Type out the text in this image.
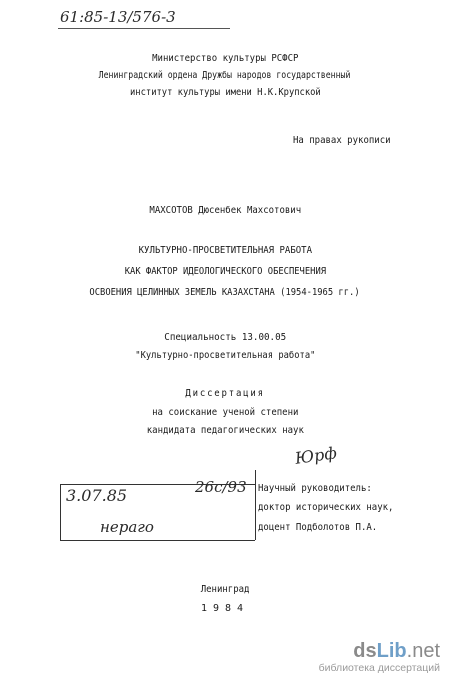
61:85-13/576-3
Министерство культуры РСФСР
Ленинградский ордена Дружбы народов государственный
институт культуры имени Н.К.Крупской
На правах рукописи
МАХСОТОВ Дюсенбек Махсотович
КУЛЬТУРНО-ПРОСВЕТИТЕЛЬНАЯ РАБОТА
КАК ФАКТОР ИДЕОЛОГИЧЕСКОГО ОБЕСПЕЧЕНИЯ
ОСВОЕНИЯ ЦЕЛИННЫХ ЗЕМЕЛЬ КАЗАХСТАНА (1954-1965 гг.)
Специальность 13.00.05
"Культурно-просветительная работа"
Диссертация
на соискание ученой степени
кандидата педагогических наук
Юрф
3.07.85	26с/93
нераго
Научный руководитель:
доктор исторических наук,
доцент Подболотов П.А.
Ленинград
1984
dsLib.net
библиотека диссертаций
